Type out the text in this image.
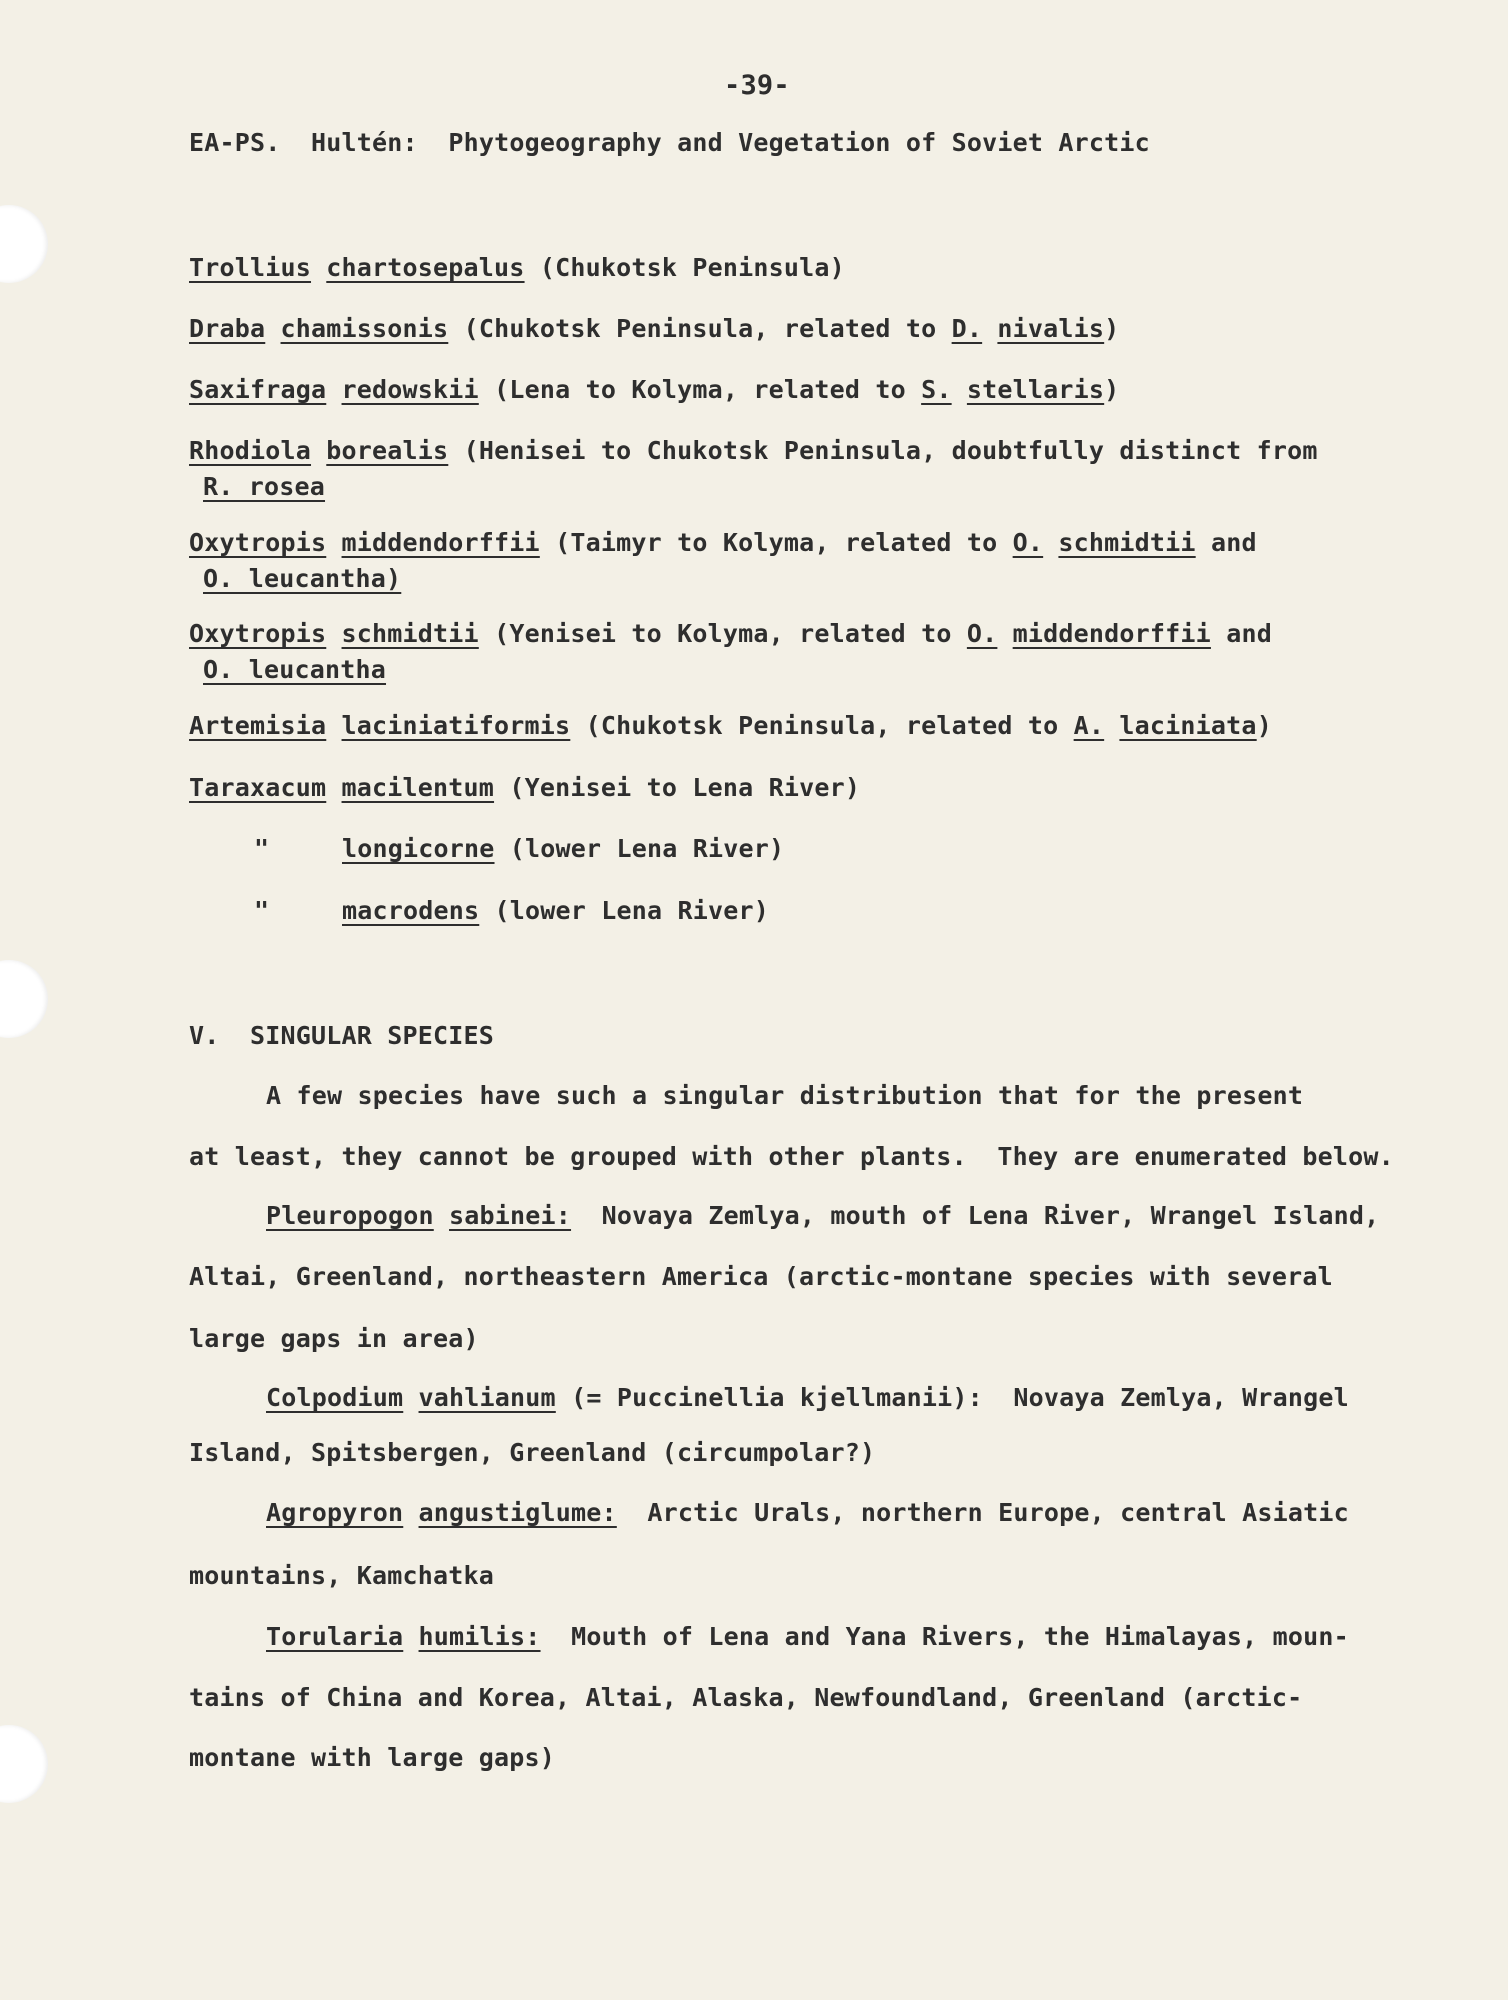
-39-
EA-PS. Hultén: Phytogeography and Vegetation of Soviet Arctic
Trollius chartosepalus (Chukotsk Peninsula)
Draba chamissonis (Chukotsk Peninsula, related to D. nivalis)
Saxifraga redowskii (Lena to Kolyma, related to S. stellaris)
Rhodiola borealis (Henisei to Chukotsk Peninsula, doubtfully distinct from
R. rosea
Oxytropis middendorffii (Taimyr to Kolyma, related to O. schmidtii and
O. leucantha)
Oxytropis schmidtii (Yenisei to Kolyma, related to O. middendorffii and
O. leucantha
Artemisia laciniatiformis (Chukotsk Peninsula, related to A. laciniata)
Taraxacum macilentum (Yenisei to Lena River)
"	longicorne (lower Lena River)
"	macrodens (lower Lena River)
V. SINGULAR SPECIES
A few species have such a singular distribution that for the present
at least, they cannot be grouped with other plants.  They are enumerated below.
Pleuropogon sabinei: Novaya Zemlya, mouth of Lena River, Wrangel Island,
Altai, Greenland, northeastern America (arctic-montane species with several
large gaps in area)
Colpodium vahlianum (= Puccinellia kjellmanii):  Novaya Zemlya, Wrangel
Island, Spitsbergen, Greenland (circumpolar?)
Agropyron angustiglume: Arctic Urals, northern Europe, central Asiatic
mountains, Kamchatka
Torularia humilis: Mouth of Lena and Yana Rivers, the Himalayas, moun-
tains of China and Korea, Altai, Alaska, Newfoundland, Greenland (arctic-
montane with large gaps)
